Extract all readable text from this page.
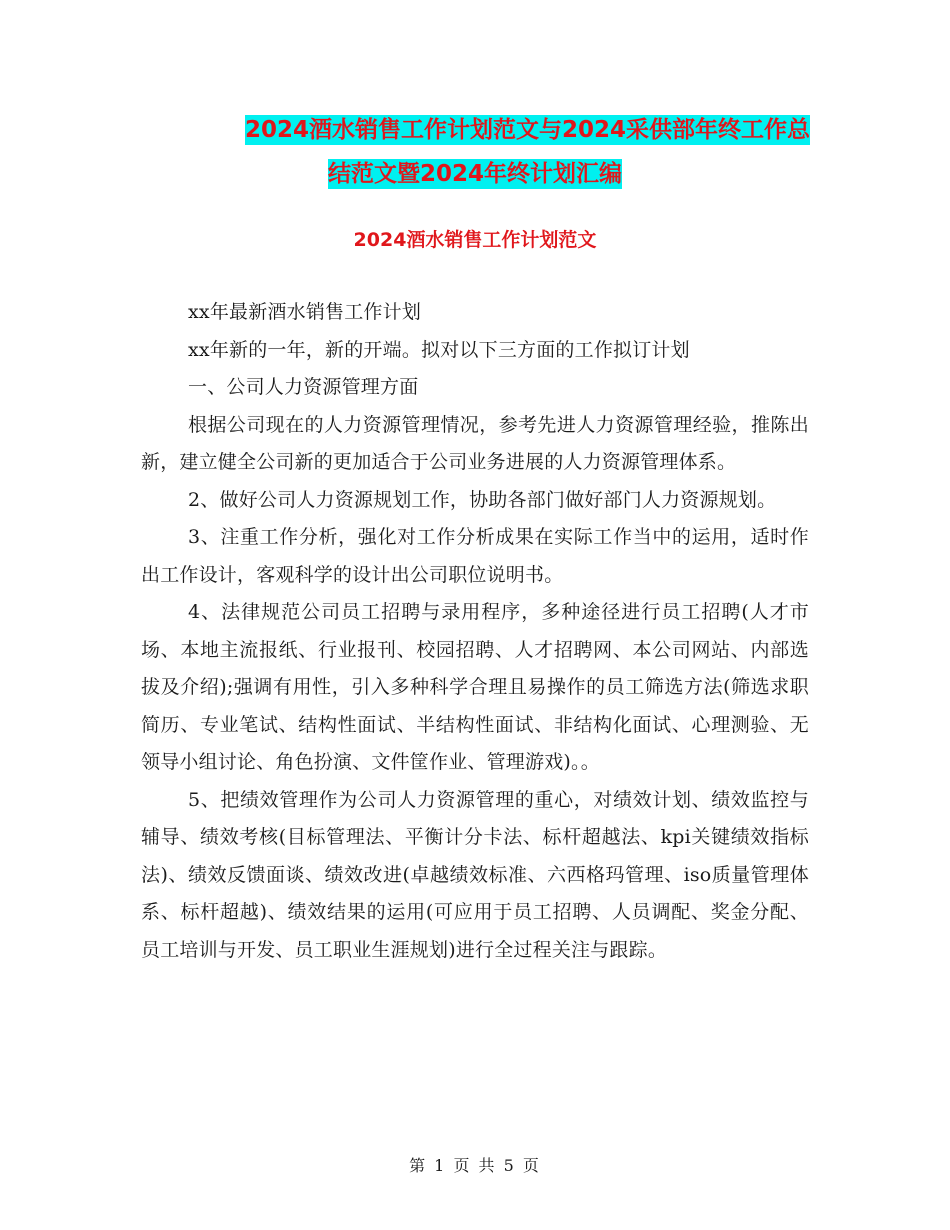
2024酒水销售工作计划范文与2024采供部年终工作总
结范文暨2024年终计划汇编
2024酒水销售工作计划范文

xx年最新酒水销售工作计划

xx年新的一年，新的开端。拟对以下三方面的工作拟订计划

一、公司人力资源管理方面

根据公司现在的人力资源管理情况，参考先进人力资源管理经验，推陈出新，建立健全公司新的更加适合于公司业务进展的人力资源管理体系。

2、做好公司人力资源规划工作，协助各部门做好部门人力资源规划。

3、注重工作分析，强化对工作分析成果在实际工作当中的运用，适时作出工作设计，客观科学的设计出公司职位说明书。

4、法律规范公司员工招聘与录用程序，多种途径进行员工招聘(人才市场、本地主流报纸、行业报刊、校园招聘、人才招聘网、本公司网站、内部选拔及介绍);强调有用性，引入多种科学合理且易操作的员工筛选方法(筛选求职简历、专业笔试、结构性面试、半结构性面试、非结构化面试、心理测验、无领导小组讨论、角色扮演、文件筐作业、管理游戏)。。

5、把绩效管理作为公司人力资源管理的重心，对绩效计划、绩效监控与辅导、绩效考核(目标管理法、平衡计分卡法、标杆超越法、kpi关键绩效指标法)、绩效反馈面谈、绩效改进(卓越绩效标准、六西格玛管理、iso质量管理体系、标杆超越)、绩效结果的运用(可应用于员工招聘、人员调配、奖金分配、员工培训与开发、员工职业生涯规划)进行全过程关注与跟踪。

第 1 页 共 5 页
